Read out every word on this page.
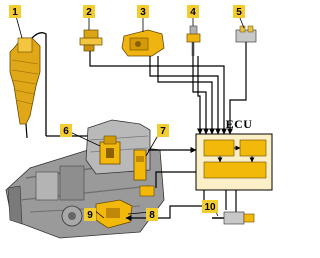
ECU
1	2	3	4	5
6	7
8
9
10
